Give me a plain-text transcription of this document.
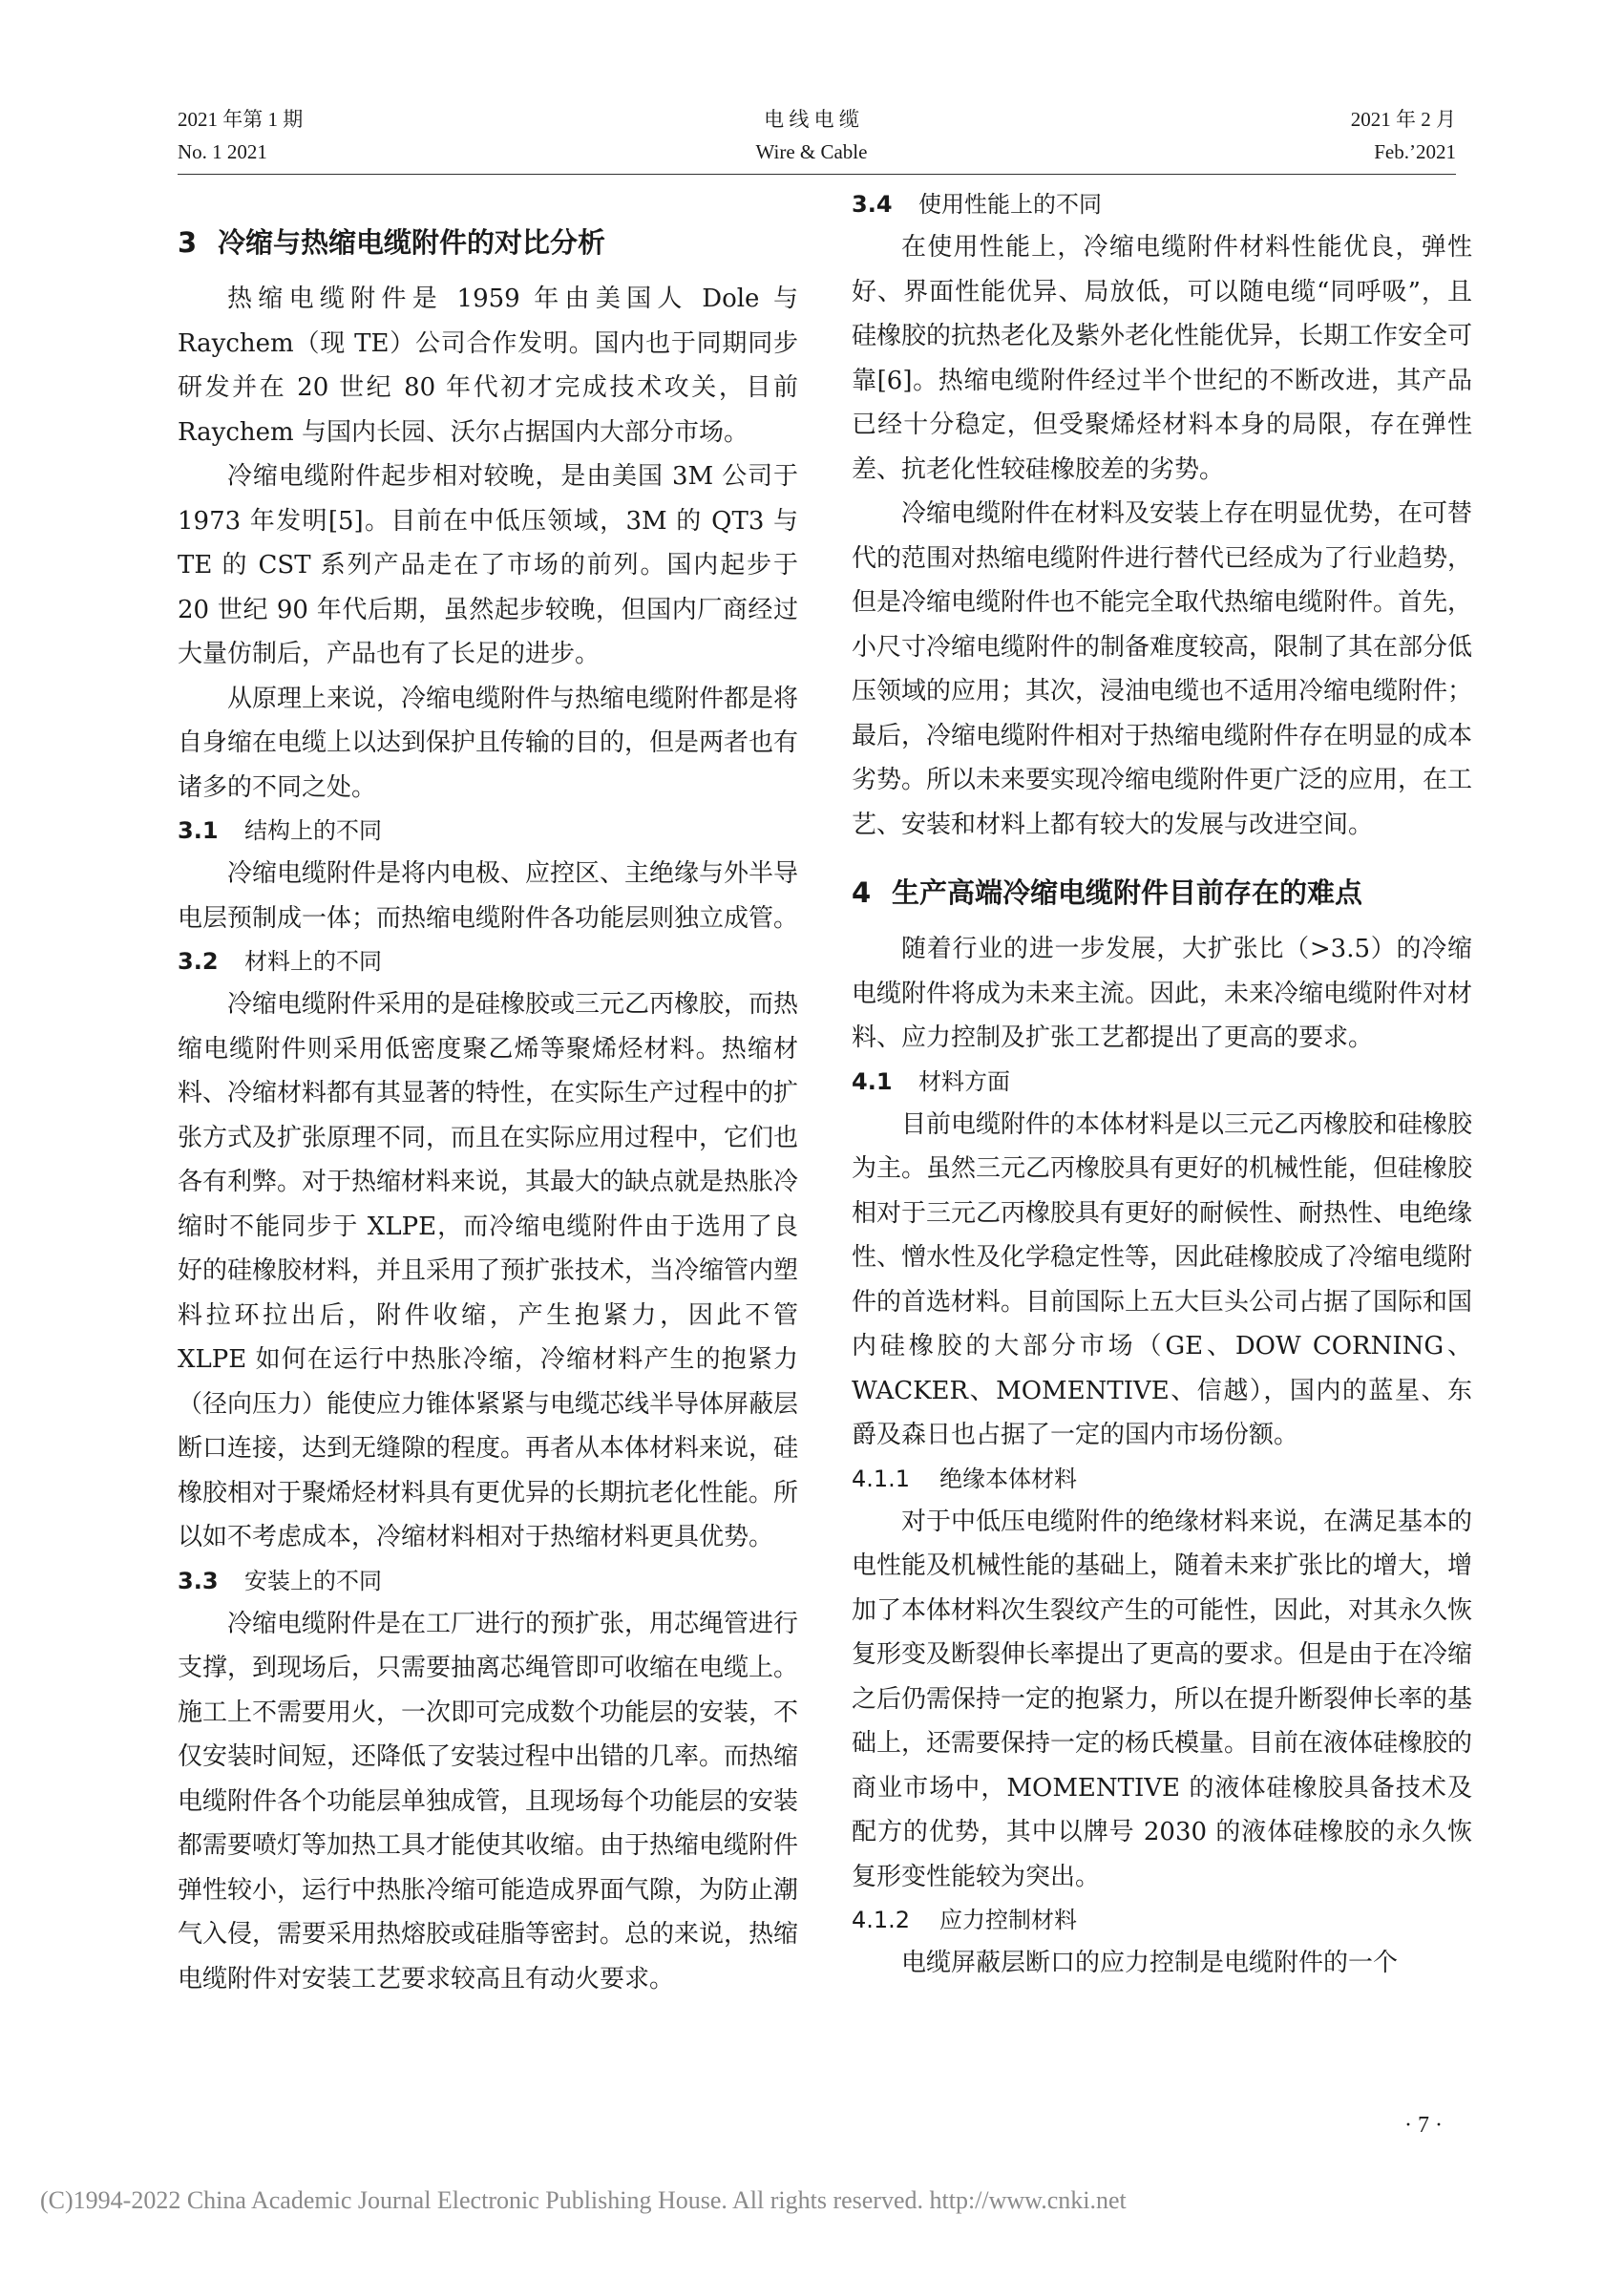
2021 年第 1 期
No. 1 2021
电 线 电 缆
Wire & Cable
2021 年 2 月
Feb.’2021
3 冷缩与热缩电缆附件的对比分析

热缩电缆附件是 1959 年由美国人 Dole 与 Raychem（现 TE）公司合作发明。国内也于同期同步研发并在 20 世纪 80 年代初才完成技术攻关，目前 Raychem 与国内长园、沃尔占据国内大部分市场。

冷缩电缆附件起步相对较晚，是由美国 3M 公司于 1973 年发明[5]。目前在中低压领域，3M 的 QT3 与 TE 的 CST 系列产品走在了市场的前列。国内起步于 20 世纪 90 年代后期，虽然起步较晚，但国内厂商经过大量仿制后，产品也有了长足的进步。

从原理上来说，冷缩电缆附件与热缩电缆附件都是将自身缩在电缆上以达到保护且传输的目的，但是两者也有诸多的不同之处。

3.1 结构上的不同

冷缩电缆附件是将内电极、应控区、主绝缘与外半导电层预制成一体；而热缩电缆附件各功能层则独立成管。

3.2 材料上的不同

冷缩电缆附件采用的是硅橡胶或三元乙丙橡胶，而热缩电缆附件则采用低密度聚乙烯等聚烯烃材料。热缩材料、冷缩材料都有其显著的特性，在实际生产过程中的扩张方式及扩张原理不同，而且在实际应用过程中，它们也各有利弊。对于热缩材料来说，其最大的缺点就是热胀冷缩时不能同步于 XLPE，而冷缩电缆附件由于选用了良好的硅橡胶材料，并且采用了预扩张技术，当冷缩管内塑料拉环拉出后，附件收缩，产生抱紧力，因此不管 XLPE 如何在运行中热胀冷缩，冷缩材料产生的抱紧力（径向压力）能使应力锥体紧紧与电缆芯线半导体屏蔽层断口连接，达到无缝隙的程度。再者从本体材料来说，硅橡胶相对于聚烯烃材料具有更优异的长期抗老化性能。所以如不考虑成本，冷缩材料相对于热缩材料更具优势。

3.3 安装上的不同

冷缩电缆附件是在工厂进行的预扩张，用芯绳管进行支撑，到现场后，只需要抽离芯绳管即可收缩在电缆上。施工上不需要用火，一次即可完成数个功能层的安装，不仅安装时间短，还降低了安装过程中出错的几率。而热缩电缆附件各个功能层单独成管，且现场每个功能层的安装都需要喷灯等加热工具才能使其收缩。由于热缩电缆附件弹性较小，运行中热胀冷缩可能造成界面气隙，为防止潮气入侵，需要采用热熔胶或硅脂等密封。总的来说，热缩电缆附件对安装工艺要求较高且有动火要求。

3.4 使用性能上的不同

在使用性能上，冷缩电缆附件材料性能优良，弹性好、界面性能优异、局放低，可以随电缆“同呼吸”，且硅橡胶的抗热老化及紫外老化性能优异，长期工作安全可靠[6]。热缩电缆附件经过半个世纪的不断改进，其产品已经十分稳定，但受聚烯烃材料本身的局限，存在弹性差、抗老化性较硅橡胶差的劣势。

冷缩电缆附件在材料及安装上存在明显优势，在可替代的范围对热缩电缆附件进行替代已经成为了行业趋势，但是冷缩电缆附件也不能完全取代热缩电缆附件。首先，小尺寸冷缩电缆附件的制备难度较高，限制了其在部分低压领域的应用；其次，浸油电缆也不适用冷缩电缆附件；最后，冷缩电缆附件相对于热缩电缆附件存在明显的成本劣势。所以未来要实现冷缩电缆附件更广泛的应用，在工艺、安装和材料上都有较大的发展与改进空间。

4 生产高端冷缩电缆附件目前存在的难点

随着行业的进一步发展，大扩张比（>3.5）的冷缩电缆附件将成为未来主流。因此，未来冷缩电缆附件对材料、应力控制及扩张工艺都提出了更高的要求。

4.1 材料方面

目前电缆附件的本体材料是以三元乙丙橡胶和硅橡胶为主。虽然三元乙丙橡胶具有更好的机械性能，但硅橡胶相对于三元乙丙橡胶具有更好的耐候性、耐热性、电绝缘性、憎水性及化学稳定性等，因此硅橡胶成了冷缩电缆附件的首选材料。目前国际上五大巨头公司占据了国际和国内硅橡胶的大部分市场（GE、DOW CORNING、WACKER、MOMENTIVE、信越），国内的蓝星、东爵及森日也占据了一定的国内市场份额。

4.1.1 绝缘本体材料

对于中低压电缆附件的绝缘材料来说，在满足基本的电性能及机械性能的基础上，随着未来扩张比的增大，增加了本体材料次生裂纹产生的可能性，因此，对其永久恢复形变及断裂伸长率提出了更高的要求。但是由于在冷缩之后仍需保持一定的抱紧力，所以在提升断裂伸长率的基础上，还需要保持一定的杨氏模量。目前在液体硅橡胶的商业市场中，MOMENTIVE 的液体硅橡胶具备技术及配方的优势，其中以牌号 2030 的液体硅橡胶的永久恢复形变性能较为突出。

4.1.2 应力控制材料

电缆屏蔽层断口的应力控制是电缆附件的一个

· 7 ·
(C)1994-2022 China Academic Journal Electronic Publishing House. All rights reserved. http://www.cnki.net
